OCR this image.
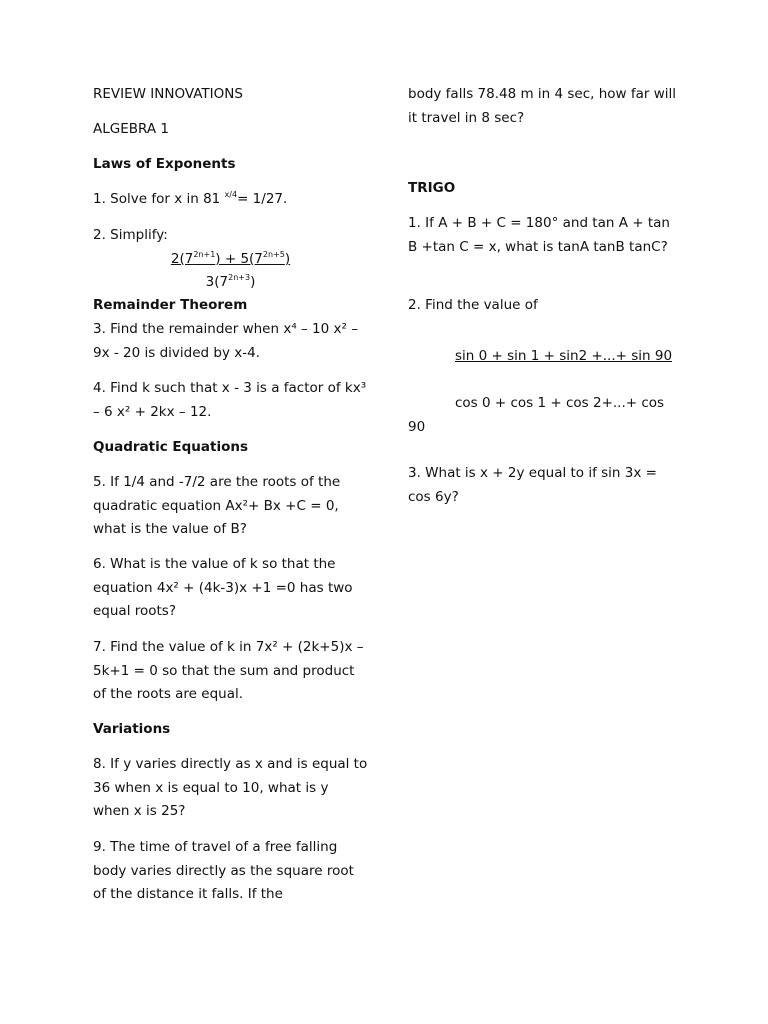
REVIEW INNOVATIONS

ALGEBRA 1

Laws of Exponents

1. Solve for x in 81 $^{x/4}$= 1/27.

2. Simplify:

$2(7^{2n+1}) + 5(7^{2n+5})$

$3(7^{2n+3})$

Remainder Theorem

3. Find the remainder when x⁴ – 10 x² – 9x - 20 is divided by x-4.

4. Find k such that x - 3 is a factor of kx³ – 6 x² + 2kx – 12.

Quadratic Equations

5. If 1/4 and -7/2 are the roots of the quadratic equation Ax²+ Bx +C = 0, what is the value of B?

6. What is the value of k so that the equation 4x² + (4k-3)x +1 =0 has two equal roots?

7. Find the value of k in 7x² + (2k+5)x – 5k+1 = 0 so that the sum and product of the roots are equal.

Variations

8. If y varies directly as x and is equal to 36 when x is equal to 10, what is y when x is 25?

9. The time of travel of a free falling body varies directly as the square root of the distance it falls. If the

body falls 78.48 m in 4 sec, how far will it travel in 8 sec?

TRIGO

1. If A + B + C = 180° and tan A + tan B +tan C = x, what is tanA tanB tanC?

2. Find the value of

sin 0 + sin 1 + sin2 +...+ sin 90

cos 0 + cos 1 + cos 2+...+ cos 90

3. What is x + 2y equal to if sin 3x = cos 6y?
